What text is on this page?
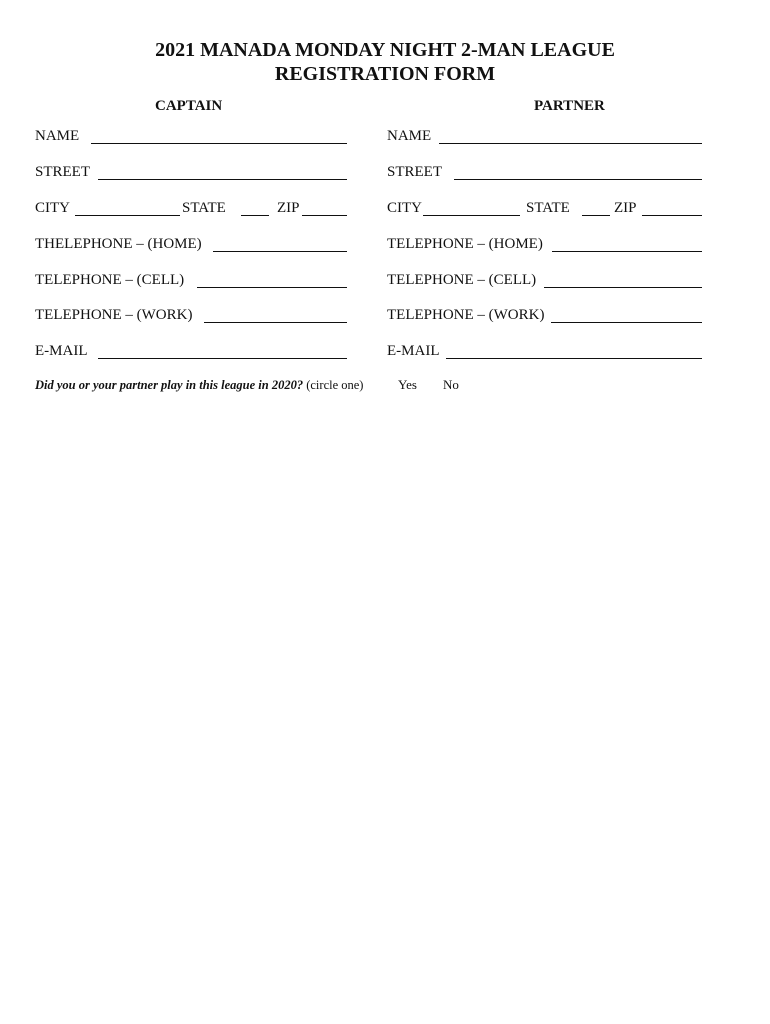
2021 MANADA MONDAY NIGHT 2-MAN LEAGUE
REGISTRATION FORM
CAPTAIN	PARTNER
NAME
STREET
CITY	STATE	ZIP
THELEPHONE – (HOME)
TELEPHONE – (CELL)
TELEPHONE – (WORK)
E-MAIL
NAME
STREET
CITY	STATE	ZIP
TELEPHONE – (HOME)
TELEPHONE – (CELL)
TELEPHONE – (WORK)
E-MAIL
Did you or your partner play in this league in 2020? (circle one)	Yes No
